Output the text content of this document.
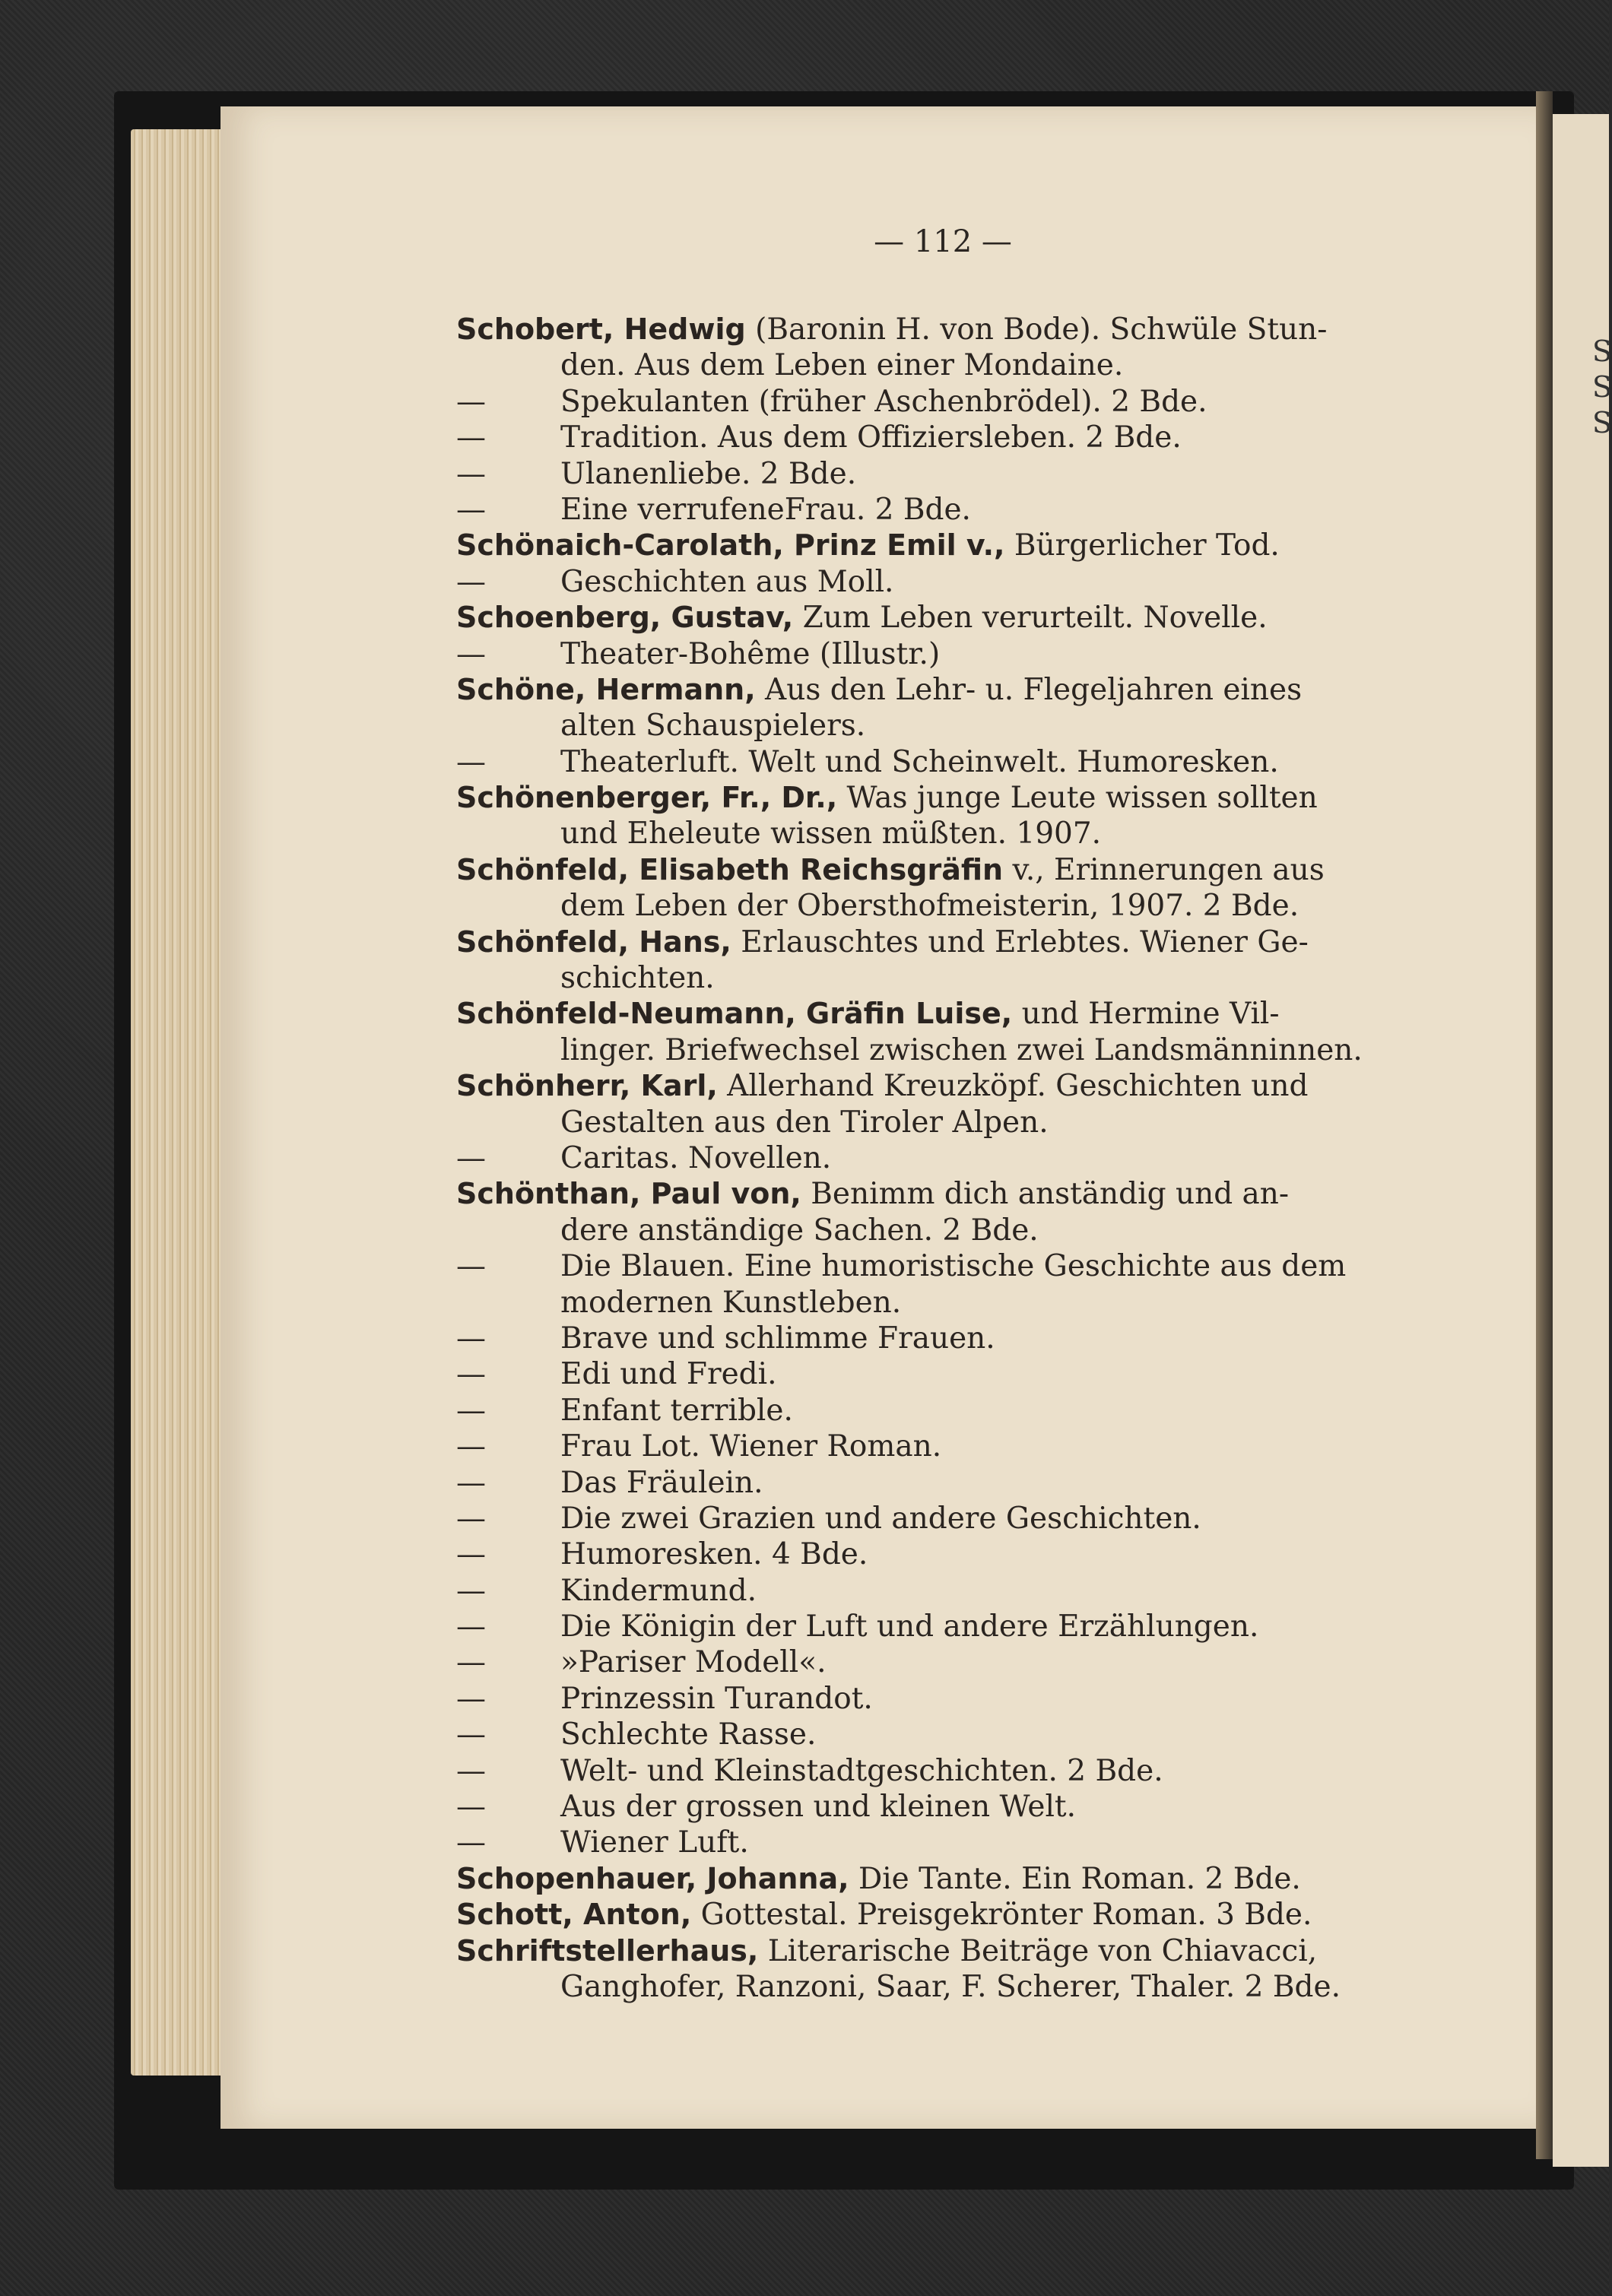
S
S
S
— 112 —
Schobert, Hedwig (Baronin H. von Bode). Schwüle Stun-
den. Aus dem Leben einer Mondaine.
—	Spekulanten (früher Aschenbrödel). 2 Bde.
—	Tradition. Aus dem Offiziersleben. 2 Bde.
—	Ulanenliebe. 2 Bde.
—	Eine verrufeneFrau. 2 Bde.
Schönaich-Carolath, Prinz Emil v., Bürgerlicher Tod.
—	Geschichten aus Moll.
Schoenberg, Gustav, Zum Leben verurteilt. Novelle.
—	Theater-Bohême (Illustr.)
Schöne, Hermann, Aus den Lehr- u. Flegeljahren eines
alten Schauspielers.
—	Theaterluft. Welt und Scheinwelt. Humoresken.
Schönenberger, Fr., Dr., Was junge Leute wissen sollten
und Eheleute wissen müßten. 1907.
Schönfeld, Elisabeth Reichsgräfin v., Erinnerungen aus
dem Leben der Obersthofmeisterin, 1907. 2 Bde.
Schönfeld, Hans, Erlauschtes und Erlebtes. Wiener Ge-
schichten.
Schönfeld-Neumann, Gräfin Luise, und Hermine Vil-
linger. Briefwechsel zwischen zwei Landsmänninnen.
Schönherr, Karl, Allerhand Kreuzköpf. Geschichten und
Gestalten aus den Tiroler Alpen.
—	Caritas. Novellen.
Schönthan, Paul von, Benimm dich anständig und an-
dere anständige Sachen. 2 Bde.
—	Die Blauen. Eine humoristische Geschichte aus dem
modernen Kunstleben.
—	Brave und schlimme Frauen.
—	Edi und Fredi.
—	Enfant terrible.
—	Frau Lot. Wiener Roman.
—	Das Fräulein.
—	Die zwei Grazien und andere Geschichten.
—	Humoresken. 4 Bde.
—	Kindermund.
—	Die Königin der Luft und andere Erzählungen.
—	»Pariser Modell«.
—	Prinzessin Turandot.
—	Schlechte Rasse.
—	Welt- und Kleinstadtgeschichten. 2 Bde.
—	Aus der grossen und kleinen Welt.
—	Wiener Luft.
Schopenhauer, Johanna, Die Tante. Ein Roman. 2 Bde.
Schott, Anton, Gottestal. Preisgekrönter Roman. 3 Bde.
Schriftstellerhaus, Literarische Beiträge von Chiavacci,
Ganghofer, Ranzoni, Saar, F. Scherer, Thaler. 2 Bde.
